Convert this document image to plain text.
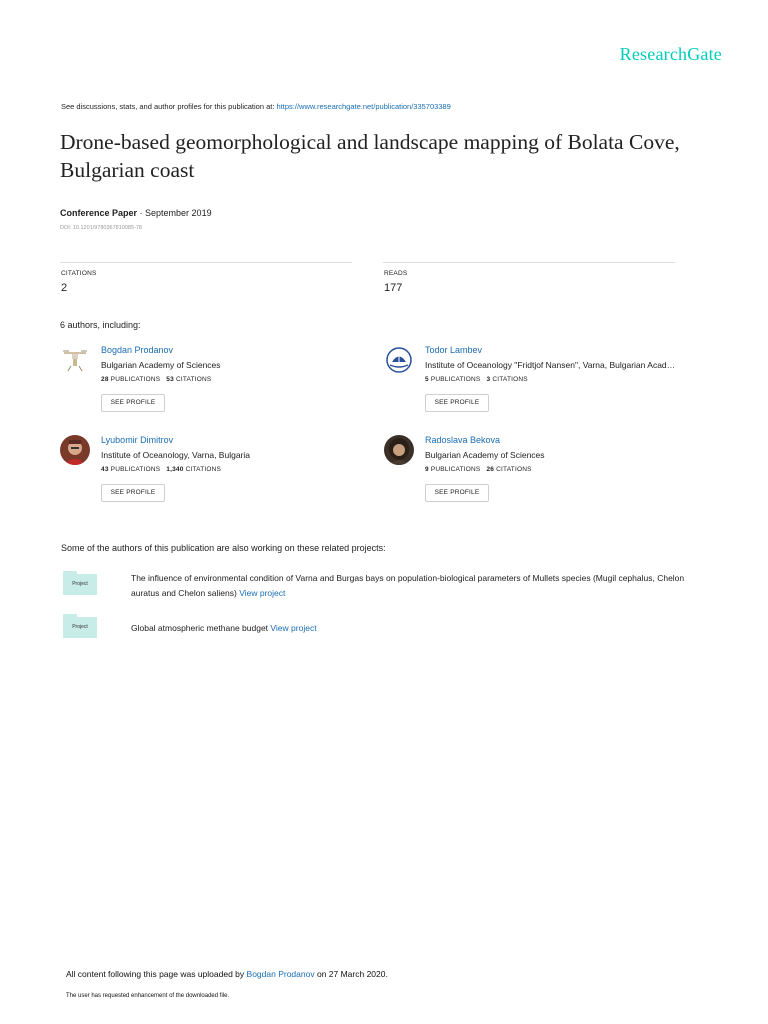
ResearchGate
See discussions, stats, and author profiles for this publication at: https://www.researchgate.net/publication/335703389
Drone-based geomorphological and landscape mapping of Bolata Cove, Bulgarian coast
Conference Paper · September 2019
DOI: 10.1201/9780367810085-78
CITATIONS
2
READS
177
6 authors, including:
Bogdan Prodanov
Bulgarian Academy of Sciences
28 PUBLICATIONS 53 CITATIONS
SEE PROFILE
Todor Lambev
Institute of Oceanology "Fridtjof Nansen", Varna, Bulgarian Acad…
5 PUBLICATIONS 3 CITATIONS
SEE PROFILE
Lyubomir Dimitrov
Institute of Oceanology, Varna, Bulgaria
43 PUBLICATIONS 1,340 CITATIONS
SEE PROFILE
Radoslava Bekova
Bulgarian Academy of Sciences
9 PUBLICATIONS 26 CITATIONS
SEE PROFILE
Some of the authors of this publication are also working on these related projects:
Project
The influence of environmental condition of Varna and Burgas bays on population-biological parameters of Mullets species (Mugil cephalus, Chelon auratus and Chelon saliens) View project
Project	Global atmospheric methane budget View project
All content following this page was uploaded by Bogdan Prodanov on 27 March 2020.
The user has requested enhancement of the downloaded file.
